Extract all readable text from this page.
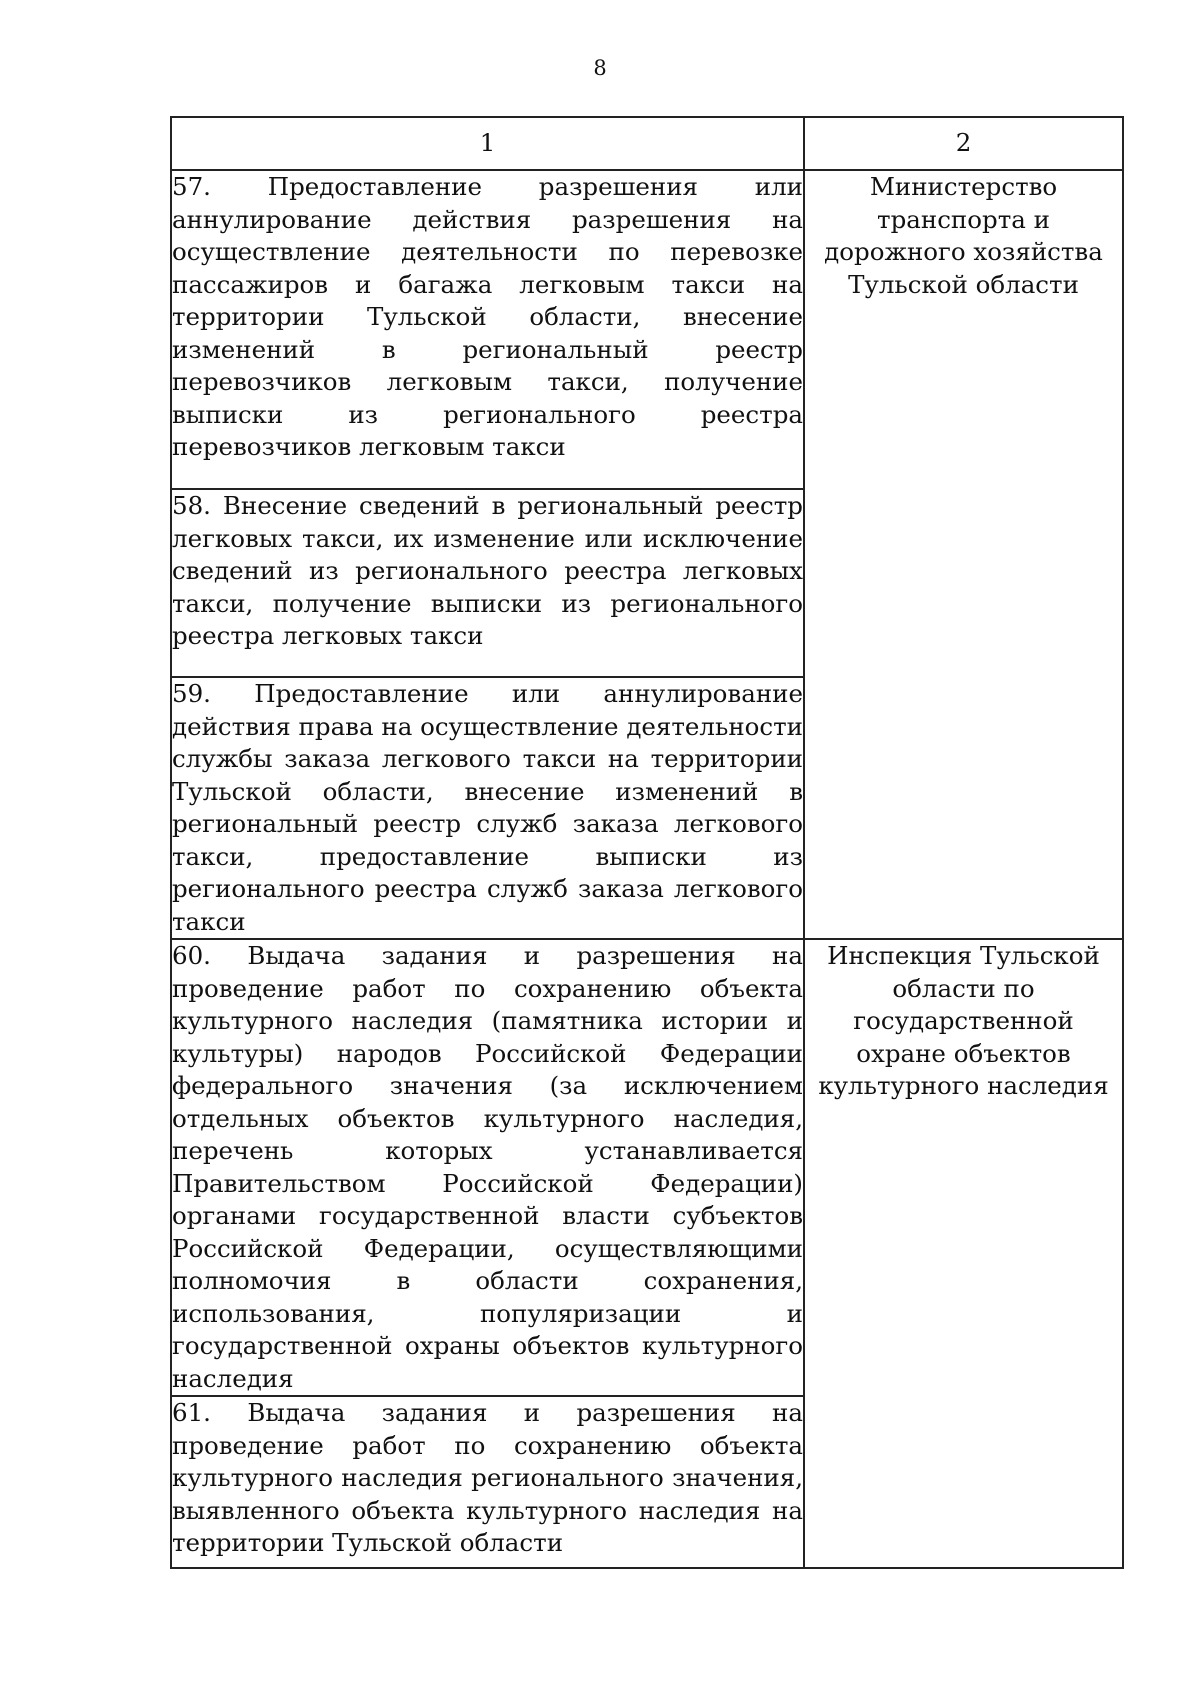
8
1	2
57. Предоставление разрешения или аннулирование действия разрешения на осуществление деятельности по перевозке пассажиров и багажа легковым такси на территории Тульской области, внесение изменений в региональный реестр перевозчиков легковым такси, получение выписки из регионального реестра перевозчиков легковым такси	Министерство транспорта и дорожного хозяйства Тульской области
58. Внесение сведений в региональный реестр легковых такси, их изменение или исключение сведений из регионального реестра легковых такси, получение выписки из регионального реестра легковых такси	
59. Предоставление или аннулирование действия права на осуществление деятельности службы заказа легкового такси на территории Тульской области, внесение изменений в региональный реестр служб заказа легкового такси, предоставление выписки из регионального реестра служб заказа легкового такси	
60. Выдача задания и разрешения на проведение работ по сохранению объекта культурного наследия (памятника истории и культуры) народов Российской Федерации федерального значения (за исключением отдельных объектов культурного наследия, перечень которых устанавливается Правительством Российской Федерации) органами государственной власти субъектов Российской Федерации, осуществляющими полномочия в области сохранения, использования, популяризации и государственной охраны объектов культурного наследия	Инспекция Тульской области по государственной охране объектов культурного наследия
61. Выдача задания и разрешения на проведение работ по сохранению объекта культурного наследия регионального значения, выявленного объекта культурного наследия на территории Тульской области	
